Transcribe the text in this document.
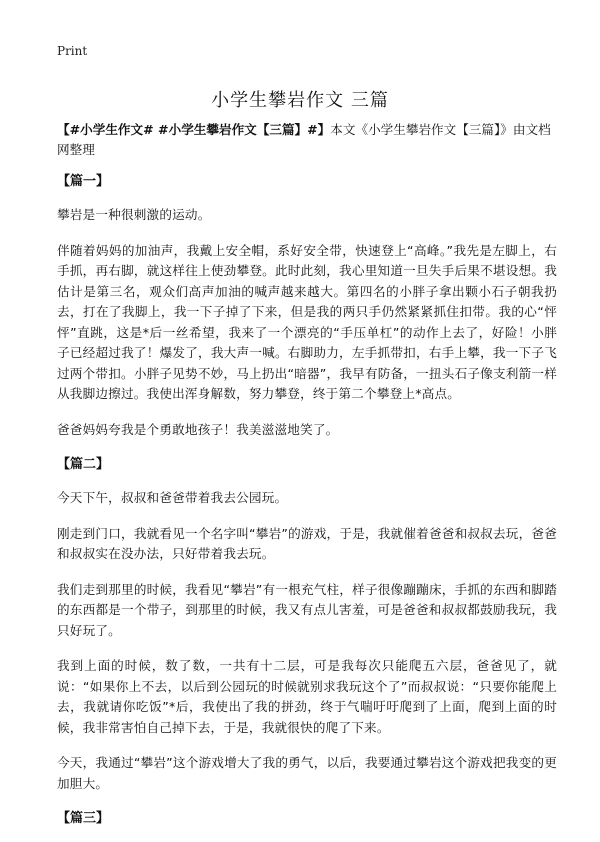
Print
小学生攀岩作文 三篇

【#小学生作文# #小学生攀岩作文【三篇】#】本文《小学生攀岩作文【三篇】》由文档网整理

【篇一】

攀岩是一种很刺激的运动。

伴随着妈妈的加油声，我戴上安全帽，系好安全带，快速登上“高峰。”我先是左脚上，右手抓，再右脚，就这样往上使劲攀登。此时此刻，我心里知道一旦失手后果不堪设想。我估计是第三名，观众们高声加油的喊声越来越大。第四名的小胖子拿出颗小石子朝我扔去，打在了我脚上，我一下子掉了下来，但是我的两只手仍然紧紧抓住扣带。我的心“怦怦”直跳，这是*后一丝希望，我来了一个漂亮的“手压单杠”的动作上去了，好险！小胖子已经超过我了！爆发了，我大声一喊。右脚助力，左手抓带扣，右手上攀，我一下子飞过两个带扣。小胖子见势不妙，马上扔出“暗器”，我早有防备，一扭头石子像支利箭一样从我脚边擦过。我使出浑身解数，努力攀登，终于第二个攀登上*高点。

爸爸妈妈夸我是个勇敢地孩子！我美滋滋地笑了。

【篇二】

今天下午，叔叔和爸爸带着我去公园玩。

刚走到门口，我就看见一个名字叫“攀岩”的游戏，于是，我就催着爸爸和叔叔去玩，爸爸和叔叔实在没办法，只好带着我去玩。

我们走到那里的时候，我看见“攀岩”有一根充气柱，样子很像蹦蹦床，手抓的东西和脚踏的东西都是一个带子，到那里的时候，我又有点儿害羞，可是爸爸和叔叔都鼓励我玩，我只好玩了。

我到上面的时候，数了数，一共有十二层，可是我每次只能爬五六层，爸爸见了，就说：“如果你上不去，以后到公园玩的时候就别求我玩这个了”而叔叔说：“只要你能爬上去，我就请你吃饭”*后，我使出了我的拼劲，终于气喘吁吁爬到了上面，爬到上面的时候，我非常害怕自己掉下去，于是，我就很快的爬了下来。

今天，我通过“攀岩”这个游戏增大了我的勇气，以后，我要通过攀岩这个游戏把我变的更加胆大。

【篇三】
